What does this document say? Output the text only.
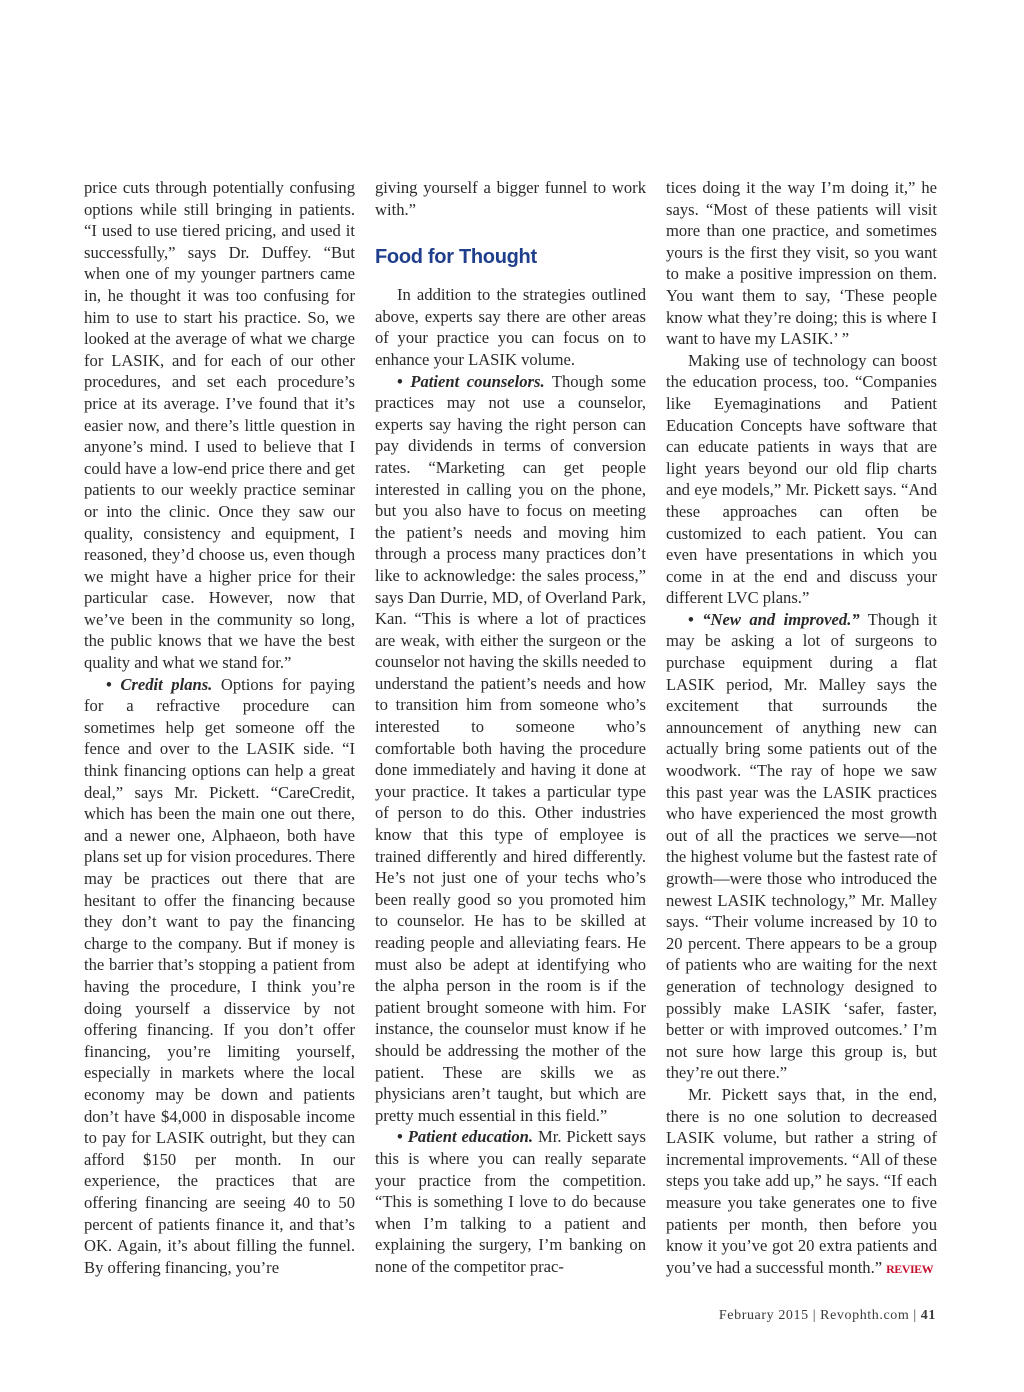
price cuts through potentially confusing options while still bringing in patients. “I used to use tiered pricing, and used it successfully,” says Dr. Duffey. “But when one of my younger partners came in, he thought it was too confusing for him to use to start his practice. So, we looked at the average of what we charge for LASIK, and for each of our other procedures, and set each procedure’s price at its average. I’ve found that it’s easier now, and there’s little question in anyone’s mind. I used to believe that I could have a low-end price there and get patients to our weekly practice seminar or into the clinic. Once they saw our quality, consistency and equipment, I reasoned, they’d choose us, even though we might have a higher price for their particular case. However, now that we’ve been in the community so long, the public knows that we have the best quality and what we stand for.”

• Credit plans. Options for paying for a refractive procedure can sometimes help get someone off the fence and over to the LASIK side. “I think financing options can help a great deal,” says Mr. Pickett. “CareCredit, which has been the main one out there, and a newer one, Alphaeon, both have plans set up for vision procedures. There may be practices out there that are hesitant to offer the financing because they don’t want to pay the financing charge to the company. But if money is the barrier that’s stopping a patient from having the procedure, I think you’re doing yourself a disservice by not offering financing. If you don’t offer financing, you’re limiting yourself, especially in markets where the local economy may be down and patients don’t have $4,000 in disposable income to pay for LASIK outright, but they can afford $150 per month. In our experience, the practices that are offering financing are seeing 40 to 50 percent of patients finance it, and that’s OK. Again, it’s about filling the funnel. By offering financing, you’re

giving yourself a bigger funnel to work with.”

Food for Thought

In addition to the strategies outlined above, experts say there are other areas of your practice you can focus on to enhance your LASIK volume.

• Patient counselors. Though some practices may not use a counselor, experts say having the right person can pay dividends in terms of conversion rates. “Marketing can get people interested in calling you on the phone, but you also have to focus on meeting the patient’s needs and moving him through a process many practices don’t like to acknowledge: the sales process,” says Dan Durrie, MD, of Overland Park, Kan. “This is where a lot of practices are weak, with either the surgeon or the counselor not having the skills needed to understand the patient’s needs and how to transition him from someone who’s interested to someone who’s comfortable both having the procedure done immediately and having it done at your practice. It takes a particular type of person to do this. Other industries know that this type of employee is trained differently and hired differently. He’s not just one of your techs who’s been really good so you promoted him to counselor. He has to be skilled at reading people and alleviating fears. He must also be adept at identifying who the alpha person in the room is if the patient brought someone with him. For instance, the counselor must know if he should be addressing the mother of the patient. These are skills we as physicians aren’t taught, but which are pretty much essential in this field.”

• Patient education. Mr. Pickett says this is where you can really separate your practice from the competition. “This is something I love to do because when I’m talking to a patient and explaining the surgery, I’m banking on none of the competitor prac-

tices doing it the way I’m doing it,” he says. “Most of these patients will visit more than one practice, and sometimes yours is the first they visit, so you want to make a positive impression on them. You want them to say, ‘These people know what they’re doing; this is where I want to have my LASIK.’ ”

Making use of technology can boost the education process, too. “Companies like Eyemaginations and Patient Education Concepts have software that can educate patients in ways that are light years beyond our old flip charts and eye models,” Mr. Pickett says. “And these approaches can often be customized to each patient. You can even have presentations in which you come in at the end and discuss your different LVC plans.”

• “New and improved.” Though it may be asking a lot of surgeons to purchase equipment during a flat LASIK period, Mr. Malley says the excitement that surrounds the announcement of anything new can actually bring some patients out of the woodwork. “The ray of hope we saw this past year was the LASIK practices who have experienced the most growth out of all the practices we serve—not the highest volume but the fastest rate of growth—were those who introduced the newest LASIK technology,” Mr. Malley says. “Their volume increased by 10 to 20 percent. There appears to be a group of patients who are waiting for the next generation of technology designed to possibly make LASIK ‘safer, faster, better or with improved outcomes.’ I’m not sure how large this group is, but they’re out there.”

Mr. Pickett says that, in the end, there is no one solution to decreased LASIK volume, but rather a string of incremental improvements. “All of these steps you take add up,” he says. “If each measure you take generates one to five patients per month, then before you know it you’ve got 20 extra patients and you’ve had a successful month.” REVIEW

February 2015 | Revophth.com | 41
